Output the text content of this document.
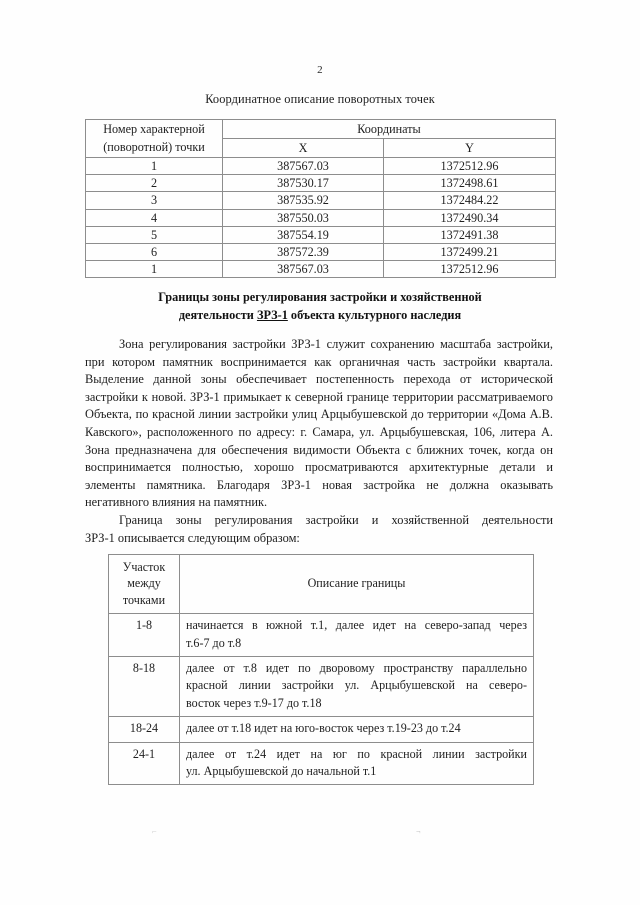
2
Координатное описание поворотных точек
Номер характерной
(поворотной) точки	Координаты	
	X	Y
1	387567.03	1372512.96
2	387530.17	1372498.61
3	387535.92	1372484.22
4	387550.03	1372490.34
5	387554.19	1372491.38
6	387572.39	1372499.21
1	387567.03	1372512.96
Границы зоны регулирования застройки и хозяйственной
деятельности ЗРЗ-1 объекта культурного наследия

Зона регулирования застройки ЗРЗ-1 служит сохранению масштаба застройки, при котором памятник воспринимается как органичная часть застройки квартала. Выделение данной зоны обеспечивает постепенность перехода от исторической застройки к новой. ЗРЗ-1 примыкает к северной границе территории рассматриваемого Объекта, по красной линии застройки улиц Арцыбушевской до территории «Дома А.В. Кавского», расположенного по адресу: г. Самара, ул. Арцыбушевская, 106, литера А. Зона предназначена для обеспечения видимости Объекта с ближних точек, когда он воспринимается полностью, хорошо просматриваются архитектурные детали и элементы памятника. Благодаря ЗРЗ-1 новая застройка не должна оказывать негативного влияния на памятник.

Граница зоны регулирования застройки и хозяйственной деятельности
ЗРЗ-1 описывается следующим образом:

Участок
между
точками	Описание границы
1-8	начинается в южной т.1, далее идет на северо-запад через
т.6-7 до т.8
8-18	далее от т.8 идет по дворовому пространству параллельно
красной линии застройки ул. Арцыбушевской на северо-
восток через т.9-17 до т.18
18-24	далее от т.18 идет на юго-восток через т.19-23 до т.24
24-1	далее от т.24 идет на юг по красной линии застройки
ул. Арцыбушевской до начальной т.1
⌐	¬
